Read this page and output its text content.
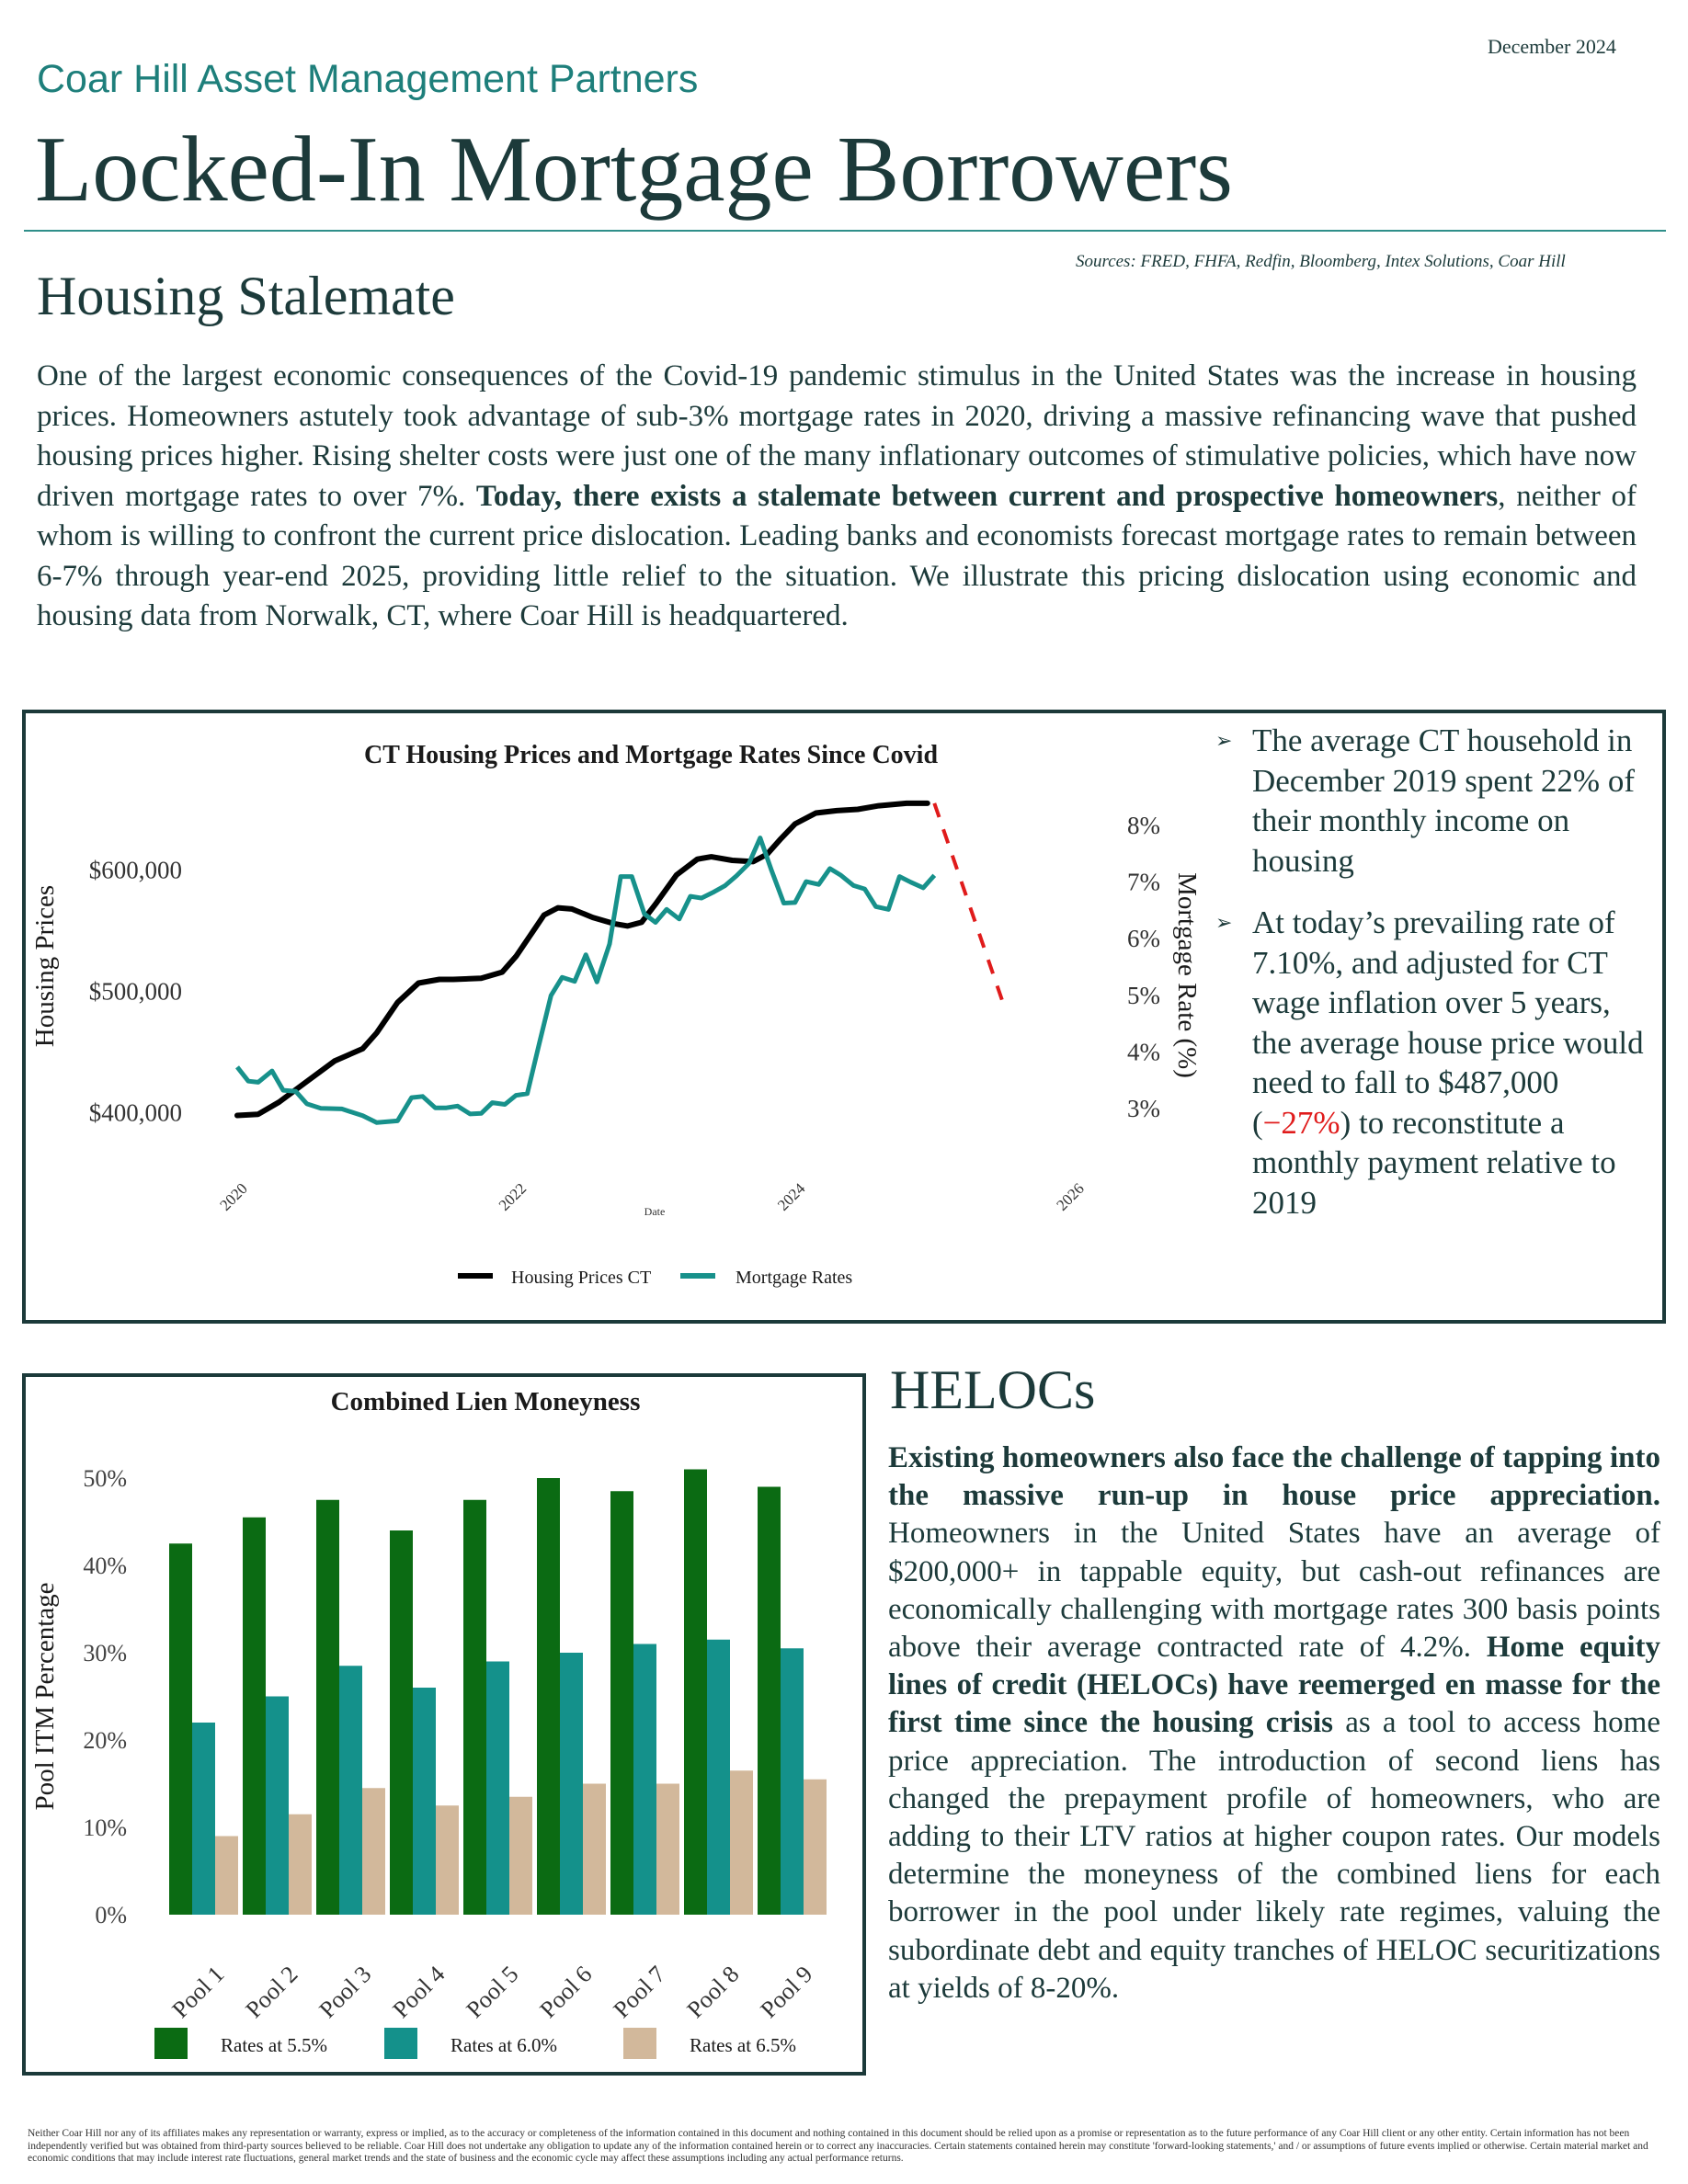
December 2024
Coar Hill Asset Management Partners
Locked-In Mortgage Borrowers
Sources: FRED, FHFA, Redfin, Bloomberg, Intex Solutions, Coar Hill
Housing Stalemate
One of the largest economic consequences of the Covid-19 pandemic stimulus in the United States was the increase in housing prices. Homeowners astutely took advantage of sub-3% mortgage rates in 2020, driving a massive refinancing wave that pushed housing prices higher. Rising shelter costs were just one of the many inflationary outcomes of stimulative policies, which have now driven mortgage rates to over 7%. Today, there exists a stalemate between current and prospective homeowners, neither of whom is willing to confront the current price dislocation. Leading banks and economists forecast mortgage rates to remain between 6-7% through year-end 2025, providing little relief to the situation. We illustrate this pricing dislocation using economic and housing data from Norwalk, CT, where Coar Hill is headquartered.
CT Housing Prices and Mortgage Rates Since Covid
$400,000
$500,000
$600,000
Housing Prices
3%
4%
5%
6%
7%
8%
Mortgage Rate (%)
2020	2022	2024	2026
Date
Housing Prices CT	Mortgage Rates
➢ The average CT household in December 2019 spent 22% of their monthly income on housing
➢ At today’s prevailing rate of 7.10%, and adjusted for CT wage inflation over 5 years, the average house price would need to fall to $487,000 (−27%) to reconstitute a monthly payment relative to 2019
Combined Lien Moneyness
0%
10%
20%
30%
40%
50%
Pool ITM Percentage
Pool 1 Pool 2 Pool 3 Pool 4 Pool 5 Pool 6 Pool 7 Pool 8 Pool 9
Rates at 5.5%	Rates at 6.0%	Rates at 6.5%
HELOCs
Existing homeowners also face the challenge of tapping into the massive run-up in house price appreciation. Homeowners in the United States have an average of $200,000+ in tappable equity, but cash-out refinances are economically challenging with mortgage rates 300 basis points above their average contracted rate of 4.2%. Home equity lines of credit (HELOCs) have reemerged en masse for the first time since the housing crisis as a tool to access home price appreciation. The introduction of second liens has changed the prepayment profile of homeowners, who are adding to their LTV ratios at higher coupon rates. Our models determine the moneyness of the combined liens for each borrower in the pool under likely rate regimes, valuing the subordinate debt and equity tranches of HELOC securitizations at yields of 8-20%.
Neither Coar Hill nor any of its affiliates makes any representation or warranty, express or implied, as to the accuracy or completeness of the information contained in this document and nothing contained in this document should be relied upon as a promise or representation as to the future performance of any Coar Hill client or any other entity. Certain information has not been independently verified but was obtained from third-party sources believed to be reliable. Coar Hill does not undertake any obligation to update any of the information contained herein or to correct any inaccuracies. Certain statements contained herein may constitute 'forward-looking statements,' and / or assumptions of future events implied or otherwise. Certain material market and economic conditions that may include interest rate fluctuations, general market trends and the state of business and the economic cycle may affect these assumptions including any actual performance returns.
